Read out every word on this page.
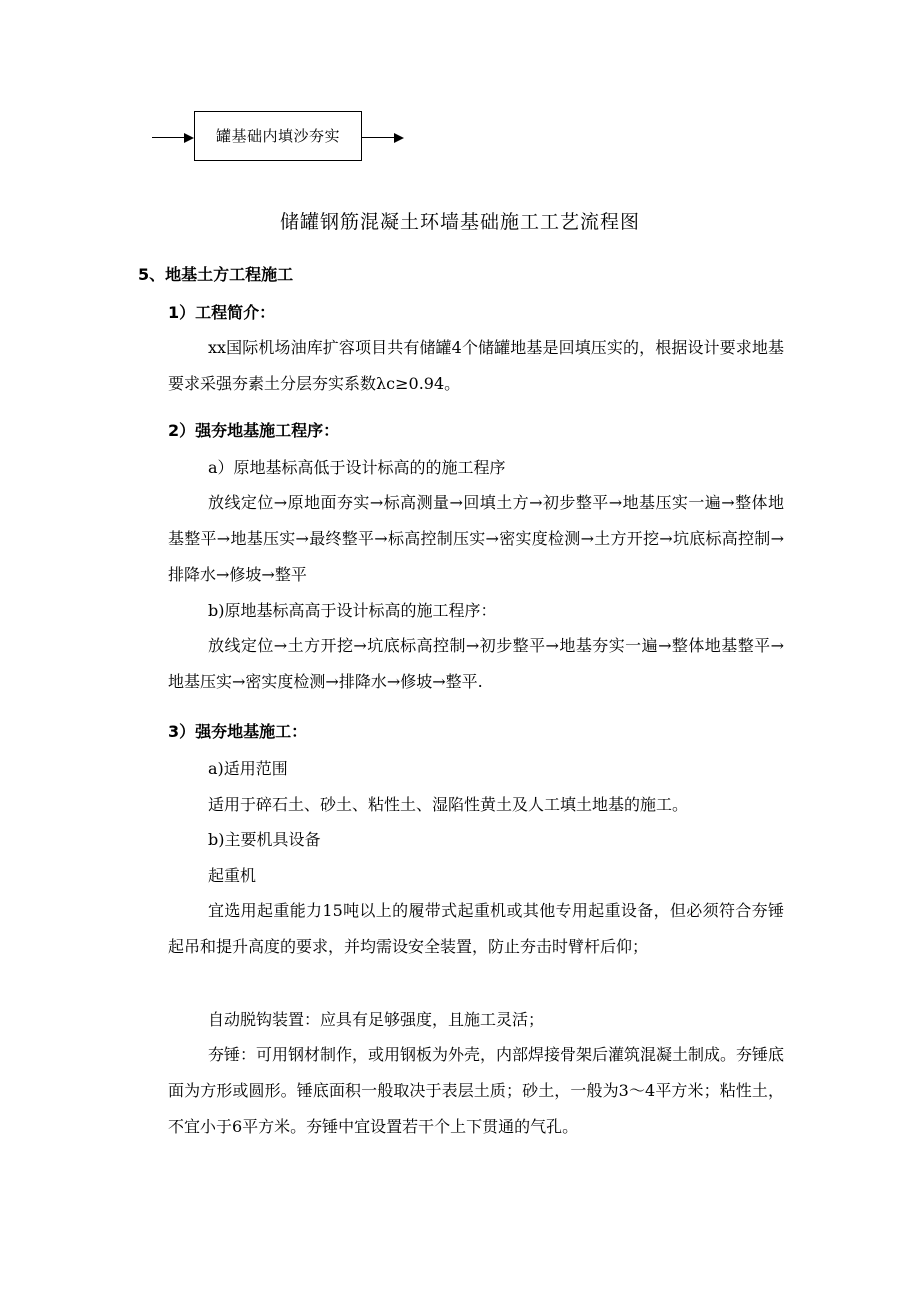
罐基础内填沙夯实
储罐钢筋混凝土环墙基础施工工艺流程图
5、地基土方工程施工
1）工程简介：
xx国际机场油库扩容项目共有储罐4个储罐地基是回填压实的，根据设计要求地基要求采强夯素土分层夯实系数λc≥0.94。
2）强夯地基施工程序：
a）原地基标高低于设计标高的的施工程序
放线定位→原地面夯实→标高测量→回填土方→初步整平→地基压实一遍→整体地基整平→地基压实→最终整平→标高控制压实→密实度检测→土方开挖→坑底标高控制→排降水→修坡→整平
b)原地基标高高于设计标高的施工程序：
放线定位→土方开挖→坑底标高控制→初步整平→地基夯实一遍→整体地基整平→地基压实→密实度检测→排降水→修坡→整平.
3）强夯地基施工：
a)适用范围
适用于碎石土、砂土、粘性土、湿陷性黄土及人工填土地基的施工。
b)主要机具设备
起重机
宜选用起重能力15吨以上的履带式起重机或其他专用起重设备，但必须符合夯锤起吊和提升高度的要求，并均需设安全装置，防止夯击时臂杆后仰；
自动脱钩装置：应具有足够强度，且施工灵活；
夯锤：可用钢材制作，或用钢板为外壳，内部焊接骨架后灌筑混凝土制成。夯锤底面为方形或圆形。锤底面积一般取决于表层土质；砂土，一般为3～4平方米；粘性土，不宜小于6平方米。夯锤中宜设置若干个上下贯通的气孔。
